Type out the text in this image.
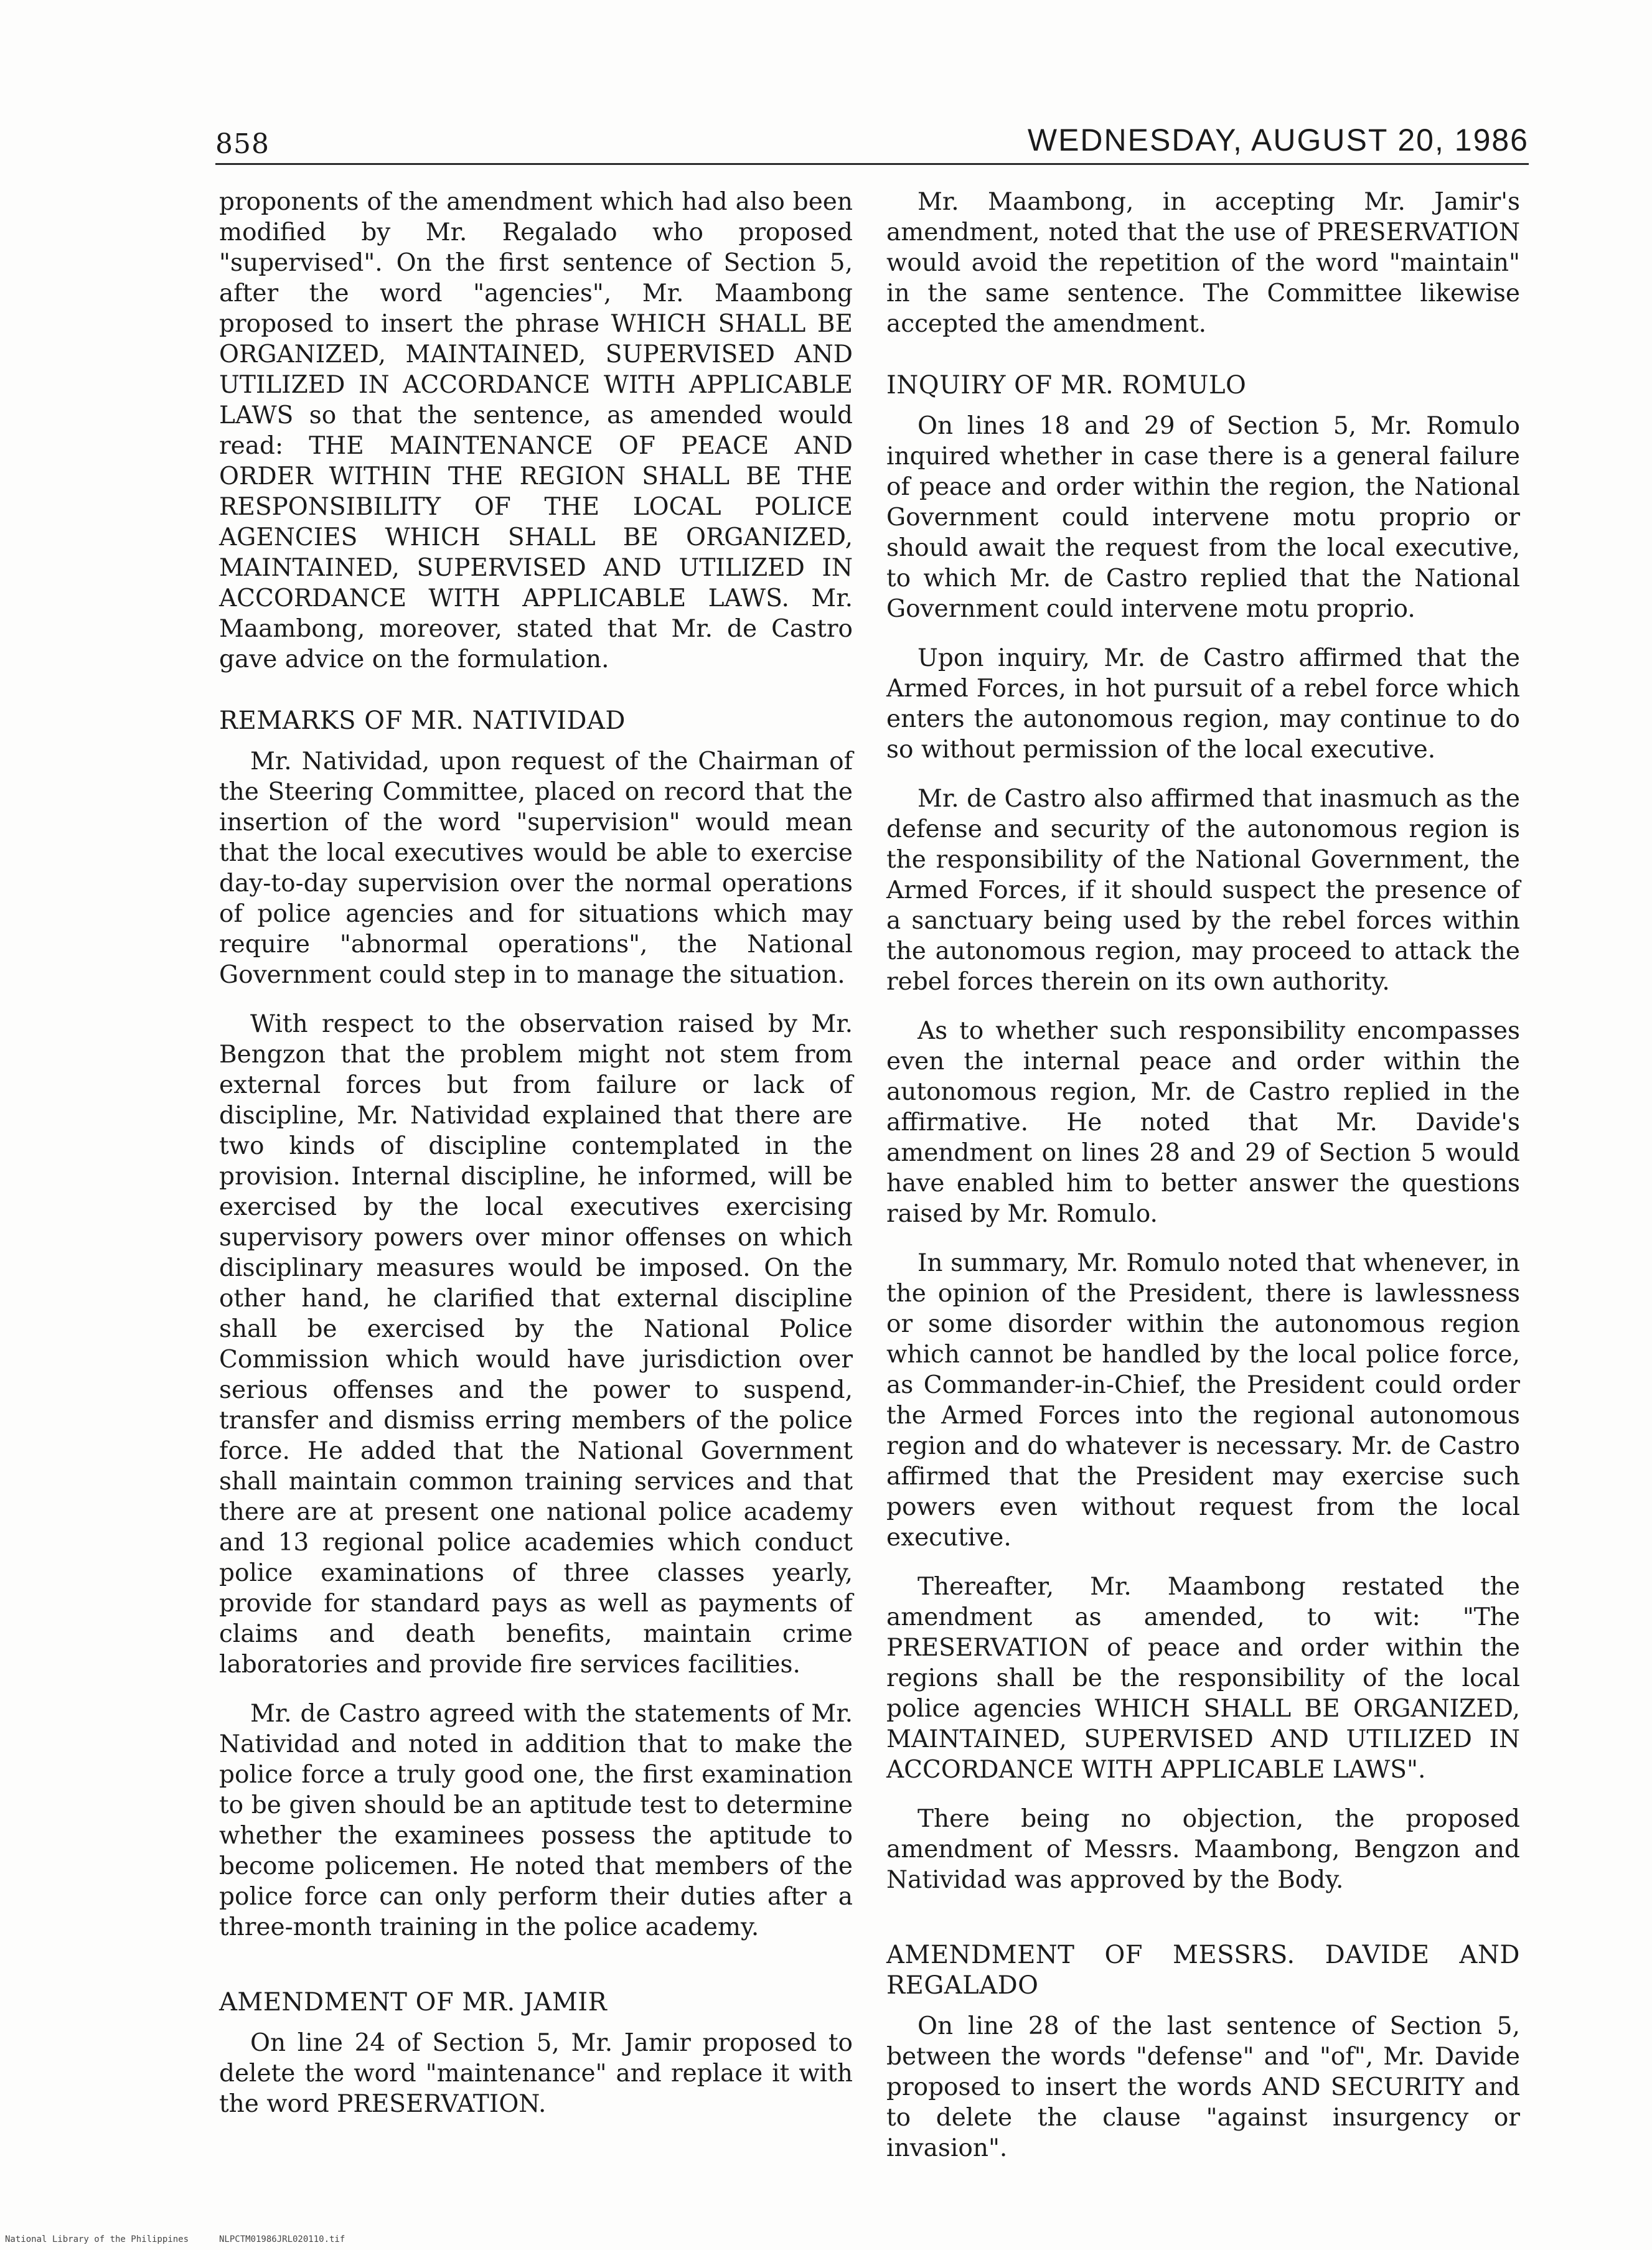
858	WEDNESDAY, AUGUST 20, 1986

proponents of the amendment which had also been modified by Mr. Regalado who proposed "supervised". On the first sentence of Section 5, after the word "agencies", Mr. Maambong proposed to insert the phrase WHICH SHALL BE ORGANIZED, MAINTAINED, SUPERVISED AND UTILIZED IN ACCORDANCE WITH APPLICABLE LAWS so that the sentence, as amended would read: THE MAINTENANCE OF PEACE AND ORDER WITHIN THE REGION SHALL BE THE RESPONSIBILITY OF THE LOCAL POLICE AGENCIES WHICH SHALL BE ORGANIZED, MAINTAINED, SUPERVISED AND UTILIZED IN ACCORDANCE WITH APPLICABLE LAWS. Mr. Maambong, moreover, stated that Mr. de Castro gave advice on the formulation.

REMARKS OF MR. NATIVIDAD

Mr. Natividad, upon request of the Chairman of the Steering Committee, placed on record that the insertion of the word "supervision" would mean that the local executives would be able to exercise day-to-day supervision over the normal operations of police agencies and for situations which may require "abnormal operations", the National Government could step in to manage the situation.

With respect to the observation raised by Mr. Bengzon that the problem might not stem from external forces but from failure or lack of discipline, Mr. Natividad explained that there are two kinds of discipline contemplated in the provision. Internal discipline, he informed, will be exercised by the local executives exercising supervisory powers over minor offenses on which disciplinary measures would be imposed. On the other hand, he clarified that external discipline shall be exercised by the National Police Commission which would have jurisdiction over serious offenses and the power to suspend, transfer and dismiss erring members of the police force. He added that the National Government shall maintain common training services and that there are at present one national police academy and 13 regional police academies which conduct police examinations of three classes yearly, provide for standard pays as well as payments of claims and death benefits, maintain crime laboratories and provide fire services facilities.

Mr. de Castro agreed with the statements of Mr. Natividad and noted in addition that to make the police force a truly good one, the first examination to be given should be an aptitude test to determine whether the examinees possess the aptitude to become policemen. He noted that members of the police force can only perform their duties after a three-month training in the police academy.

AMENDMENT OF MR. JAMIR

On line 24 of Section 5, Mr. Jamir proposed to delete the word "maintenance" and replace it with the word PRESERVATION.

Mr. Maambong, in accepting Mr. Jamir's amendment, noted that the use of PRESERVATION would avoid the repetition of the word "maintain" in the same sentence. The Committee likewise accepted the amendment.

INQUIRY OF MR. ROMULO

On lines 18 and 29 of Section 5, Mr. Romulo inquired whether in case there is a general failure of peace and order within the region, the National Government could intervene motu proprio or should await the request from the local executive, to which Mr. de Castro replied that the National Government could intervene motu proprio.

Upon inquiry, Mr. de Castro affirmed that the Armed Forces, in hot pursuit of a rebel force which enters the autonomous region, may continue to do so without permission of the local executive.

Mr. de Castro also affirmed that inasmuch as the defense and security of the autonomous region is the responsibility of the National Government, the Armed Forces, if it should suspect the presence of a sanctuary being used by the rebel forces within the autonomous region, may proceed to attack the rebel forces therein on its own authority.

As to whether such responsibility encompasses even the internal peace and order within the autonomous region, Mr. de Castro replied in the affirmative. He noted that Mr. Davide's amendment on lines 28 and 29 of Section 5 would have enabled him to better answer the questions raised by Mr. Romulo.

In summary, Mr. Romulo noted that whenever, in the opinion of the President, there is lawlessness or some disorder within the autonomous region which cannot be handled by the local police force, as Commander-in-Chief, the President could order the Armed Forces into the regional autonomous region and do whatever is necessary. Mr. de Castro affirmed that the President may exercise such powers even without request from the local executive.

Thereafter, Mr. Maambong restated the amendment as amended, to wit: "The PRESERVATION of peace and order within the regions shall be the responsibility of the local police agencies WHICH SHALL BE ORGANIZED, MAINTAINED, SUPERVISED AND UTILIZED IN ACCORDANCE WITH APPLICABLE LAWS".

There being no objection, the proposed amendment of Messrs. Maambong, Bengzon and Natividad was approved by the Body.

AMENDMENT OF MESSRS. DAVIDE AND REGALADO

On line 28 of the last sentence of Section 5, between the words "defense" and "of", Mr. Davide proposed to insert the words AND SECURITY and to delete the clause "against insurgency or invasion".

National Library of the Philippines	NLPCTM01986JRL020110.tif
